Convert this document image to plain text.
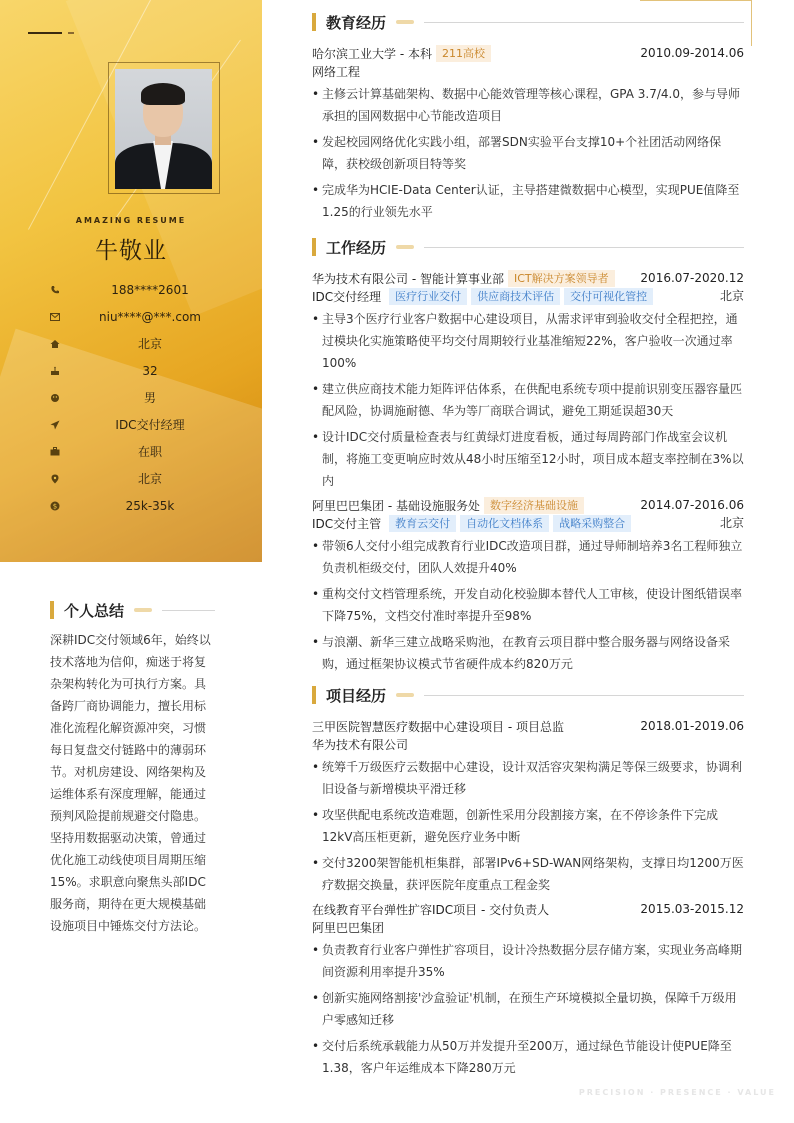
AMAZING RESUME
牛敬业
188****2601
niu****@***.com
北京
32
男
IDC交付经理
在职
北京
$	25k-35k
个人总结
深耕IDC交付领域6年，始终以技术落地为信仰，痴迷于将复杂架构转化为可执行方案。具备跨厂商协调能力，擅长用标准化流程化解资源冲突，习惯每日复盘交付链路中的薄弱环节。对机房建设、网络架构及运维体系有深度理解，能通过预判风险提前规避交付隐患。坚持用数据驱动决策，曾通过优化施工动线使项目周期压缩15%。求职意向聚焦头部IDC服务商，期待在更大规模基础设施项目中锤炼交付方法论。
教育经历
哈尔滨工业大学 - 本科 211高校	2010.09-2014.06
网络工程
• 主修云计算基础架构、数据中心能效管理等核心课程，GPA 3.7/4.0，参与导师承担的国网数据中心节能改造项目
• 发起校园网络优化实践小组，部署SDN实验平台支撑10+个社团活动网络保障，获校级创新项目特等奖
• 完成华为HCIE-Data Center认证，主导搭建微数据中心模型，实现PUE值降至1.25的行业领先水平
工作经历
华为技术有限公司 - 智能计算事业部 ICT解决方案领导者	2016.07-2020.12
IDC交付经理	医疗行业交付	供应商技术评估	交付可视化管控	北京
• 主导3个医疗行业客户数据中心建设项目，从需求评审到验收交付全程把控，通过模块化实施策略使平均交付周期较行业基准缩短22%，客户验收一次通过率100%
• 建立供应商技术能力矩阵评估体系，在供配电系统专项中提前识别变压器容量匹配风险，协调施耐德、华为等厂商联合调试，避免工期延误超30天
• 设计IDC交付质量检查表与红黄绿灯进度看板，通过每周跨部门作战室会议机制，将施工变更响应时效从48小时压缩至12小时，项目成本超支率控制在3%以内
阿里巴巴集团 - 基础设施服务处 数字经济基础设施	2014.07-2016.06
IDC交付主管	教育云交付	自动化文档体系	战略采购整合	北京
• 带领6人交付小组完成教育行业IDC改造项目群，通过导师制培养3名工程师独立负责机柜级交付，团队人效提升40%
• 重构交付文档管理系统，开发自动化校验脚本替代人工审核，使设计图纸错误率下降75%，文档交付准时率提升至98%
• 与浪潮、新华三建立战略采购池，在教育云项目群中整合服务器与网络设备采购，通过框架协议模式节省硬件成本约820万元
项目经历
三甲医院智慧医疗数据中心建设项目 - 项目总监	2018.01-2019.06
华为技术有限公司
• 统筹千万级医疗云数据中心建设，设计双活容灾架构满足等保三级要求，协调利旧设备与新增模块平滑迁移
• 攻坚供配电系统改造难题，创新性采用分段割接方案，在不停诊条件下完成12kV高压柜更新，避免医疗业务中断
• 交付3200架智能机柜集群，部署IPv6+SD-WAN网络架构，支撑日均1200万医疗数据交换量，获评医院年度重点工程金奖
在线教育平台弹性扩容IDC项目 - 交付负责人	2015.03-2015.12
阿里巴巴集团
• 负责教育行业客户弹性扩容项目，设计冷热数据分层存储方案，实现业务高峰期间资源利用率提升35%
• 创新实施网络割接'沙盒验证'机制，在预生产环境模拟全量切换，保障千万级用户零感知迁移
• 交付后系统承载能力从50万并发提升至200万，通过绿色节能设计使PUE降至1.38，客户年运维成本下降280万元
PRECISION · PRESENCE · VALUE
